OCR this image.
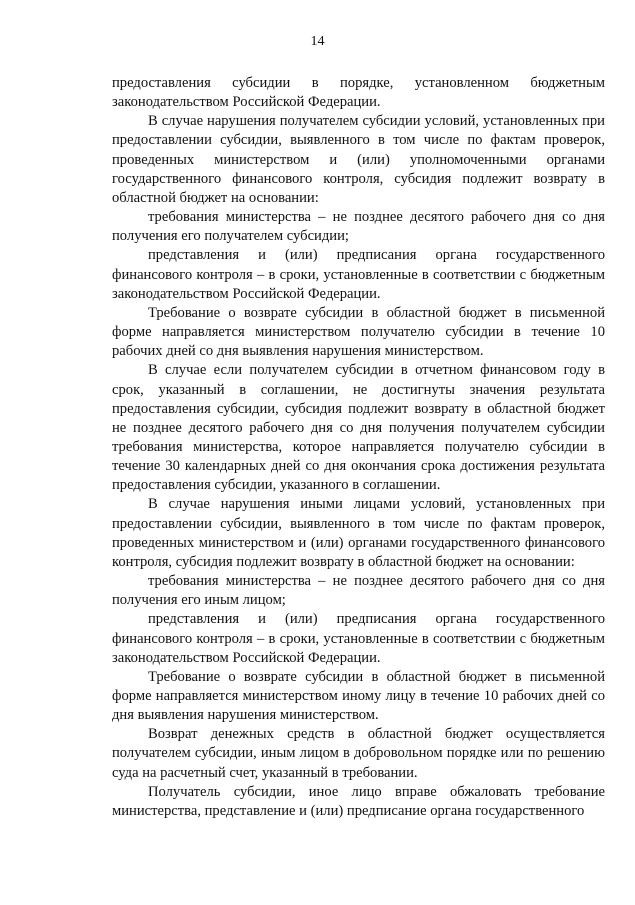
14

предоставления субсидии в порядке, установленном бюджетным законодательством Российской Федерации.

В случае нарушения получателем субсидии условий, установленных при предоставлении субсидии, выявленного в том числе по фактам проверок, проведенных министерством и (или) уполномоченными органами государственного финансового контроля, субсидия подлежит возврату в областной бюджет на основании:

требования министерства – не позднее десятого рабочего дня со дня получения его получателем субсидии;

представления и (или) предписания органа государственного финансового контроля – в сроки, установленные в соответствии с бюджетным законодательством Российской Федерации.

Требование о возврате субсидии в областной бюджет в письменной форме направляется министерством получателю субсидии в течение 10 рабочих дней со дня выявления нарушения министерством.

В случае если получателем субсидии в отчетном финансовом году в срок, указанный в соглашении, не достигнуты значения результата предоставления субсидии, субсидия подлежит возврату в областной бюджет не позднее десятого рабочего дня со дня получения получателем субсидии требования министерства, которое направляется получателю субсидии в течение 30 календарных дней со дня окончания срока достижения результата предоставления субсидии, указанного в соглашении.

В случае нарушения иными лицами условий, установленных при предоставлении субсидии, выявленного в том числе по фактам проверок, проведенных министерством и (или) органами государственного финансового контроля, субсидия подлежит возврату в областной бюджет на основании:

требования министерства – не позднее десятого рабочего дня со дня получения его иным лицом;

представления и (или) предписания органа государственного финансового контроля – в сроки, установленные в соответствии с бюджетным законодательством Российской Федерации.

Требование о возврате субсидии в областной бюджет в письменной форме направляется министерством иному лицу в течение 10 рабочих дней со дня выявления нарушения министерством.

Возврат денежных средств в областной бюджет осуществляется получателем субсидии, иным лицом в добровольном порядке или по решению суда на расчетный счет, указанный в требовании.

Получатель субсидии, иное лицо вправе обжаловать требование министерства, представление и (или) предписание органа государственного
